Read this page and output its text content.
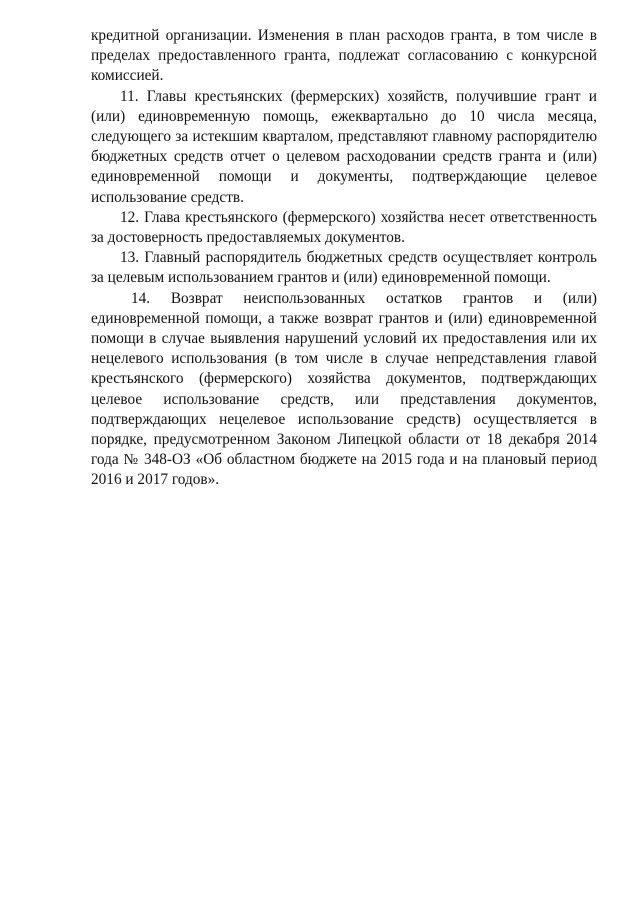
кредитной организации. Изменения в план расходов гранта, в том числе в пределах предоставленного гранта, подлежат согласованию с конкурсной комиссией.

11. Главы крестьянских (фермерских) хозяйств, получившие грант и (или) единовременную помощь, ежеквартально до 10 числа месяца, следующего за истекшим кварталом, представляют главному распорядителю бюджетных средств отчет о целевом расходовании средств гранта и (или) единовременной помощи и документы, подтверждающие целевое использование средств.

12. Глава крестьянского (фермерского) хозяйства несет ответственность за достоверность предоставляемых документов.

13. Главный распорядитель бюджетных средств осуществляет контроль за целевым использованием грантов и (или) единовременной помощи.

14. Возврат неиспользованных остатков грантов и (или) единовременной помощи, а также возврат грантов и (или) единовременной помощи в случае выявления нарушений условий их предоставления или их нецелевого использования (в том числе в случае непредставления главой крестьянского (фермерского) хозяйства документов, подтверждающих целевое использование средств, или представления документов, подтверждающих нецелевое использование средств) осуществляется в порядке, предусмотренном Законом Липецкой области от 18 декабря 2014 года № 348-ОЗ «Об областном бюджете на 2015 года и на плановый период 2016 и 2017 годов».
